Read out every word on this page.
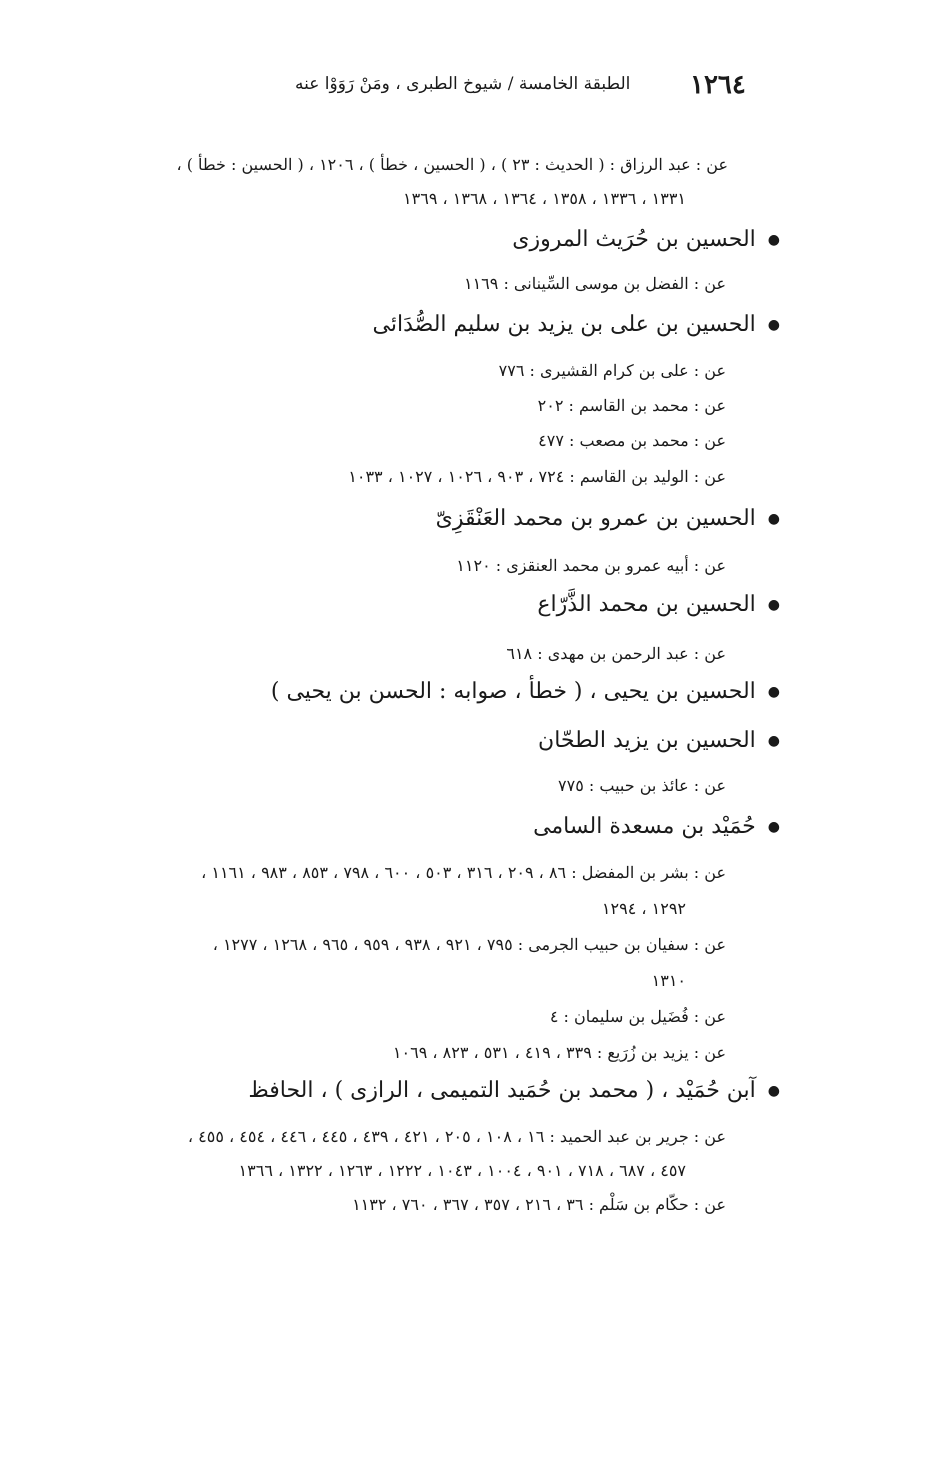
١٢٦٤
الطبقة الخامسة / شيوخ الطبرى ، ومَنْ رَوَوْا عنه
عن : عبد الرزاق : ( الحديث : ٢٣ ) ، ( الحسين ، خطأ ) ، ١٢٠٦ ، ( الحسين : خطأ ) ،
١٣٣١ ، ١٣٣٦ ، ١٣٥٨ ، ١٣٦٤ ، ١٣٦٨ ، ١٣٦٩
●الحسين بن حُرَيث المروزى
عن : الفضل بن موسى السِّينانى : ١١٦٩
●الحسين بن على بن يزيد بن سليم الصُّدَائى
عن : على بن كرام القشيرى : ٧٧٦
عن : محمد بن القاسم : ٢٠٢
عن : محمد بن مصعب : ٤٧٧
عن : الوليد بن القاسم : ٧٢٤ ، ٩٠٣ ، ١٠٢٦ ، ١٠٢٧ ، ١٠٣٣
●الحسين بن عمرو بن محمد العَنْقَزِىّ
عن : أبيه عمرو بن محمد العنقزى : ١١٢٠
●الحسين بن محمد الذَّرّاع
عن : عبد الرحمن بن مهدى : ٦١٨
●الحسين بن يحيى ، ( خطأ ، صوابه : الحسن بن يحيى )
●الحسين بن يزيد الطحّان
عن : عائذ بن حبيب : ٧٧٥
●حُمَيْد بن مسعدة السامى
عن : بشر بن المفضل : ٨٦ ، ٢٠٩ ، ٣١٦ ، ٥٠٣ ، ٦٠٠ ، ٧٩٨ ، ٨٥٣ ، ٩٨٣ ، ١١٦١ ،
١٢٩٢ ، ١٢٩٤
عن : سفيان بن حبيب الجرمى : ٧٩٥ ، ٩٢١ ، ٩٣٨ ، ٩٥٩ ، ٩٦٥ ، ١٢٦٨ ، ١٢٧٧ ،
١٣١٠
عن : فُضَيل بن سليمان : ٤
عن : يزيد بن زُرَيع : ٣٣٩ ، ٤١٩ ، ٥٣١ ، ٨٢٣ ، ١٠٦٩
●آبن حُمَيْد ، ( محمد بن حُمَيد التميمى ، الرازى ) ، الحافظ
عن : جرير بن عبد الحميد : ١٦ ، ١٠٨ ، ٢٠٥ ، ٤٢١ ، ٤٣٩ ، ٤٤٥ ، ٤٤٦ ، ٤٥٤ ، ٤٥٥ ،
٤٥٧ ، ٦٨٧ ، ٧١٨ ، ٩٠١ ، ١٠٠٤ ، ١٠٤٣ ، ١٢٢٢ ، ١٢٦٣ ، ١٣٢٢ ، ١٣٦٦
عن : حكّام بن سَلْم : ٣٦ ، ٢١٦ ، ٣٥٧ ، ٣٦٧ ، ٧٦٠ ، ١١٣٢
